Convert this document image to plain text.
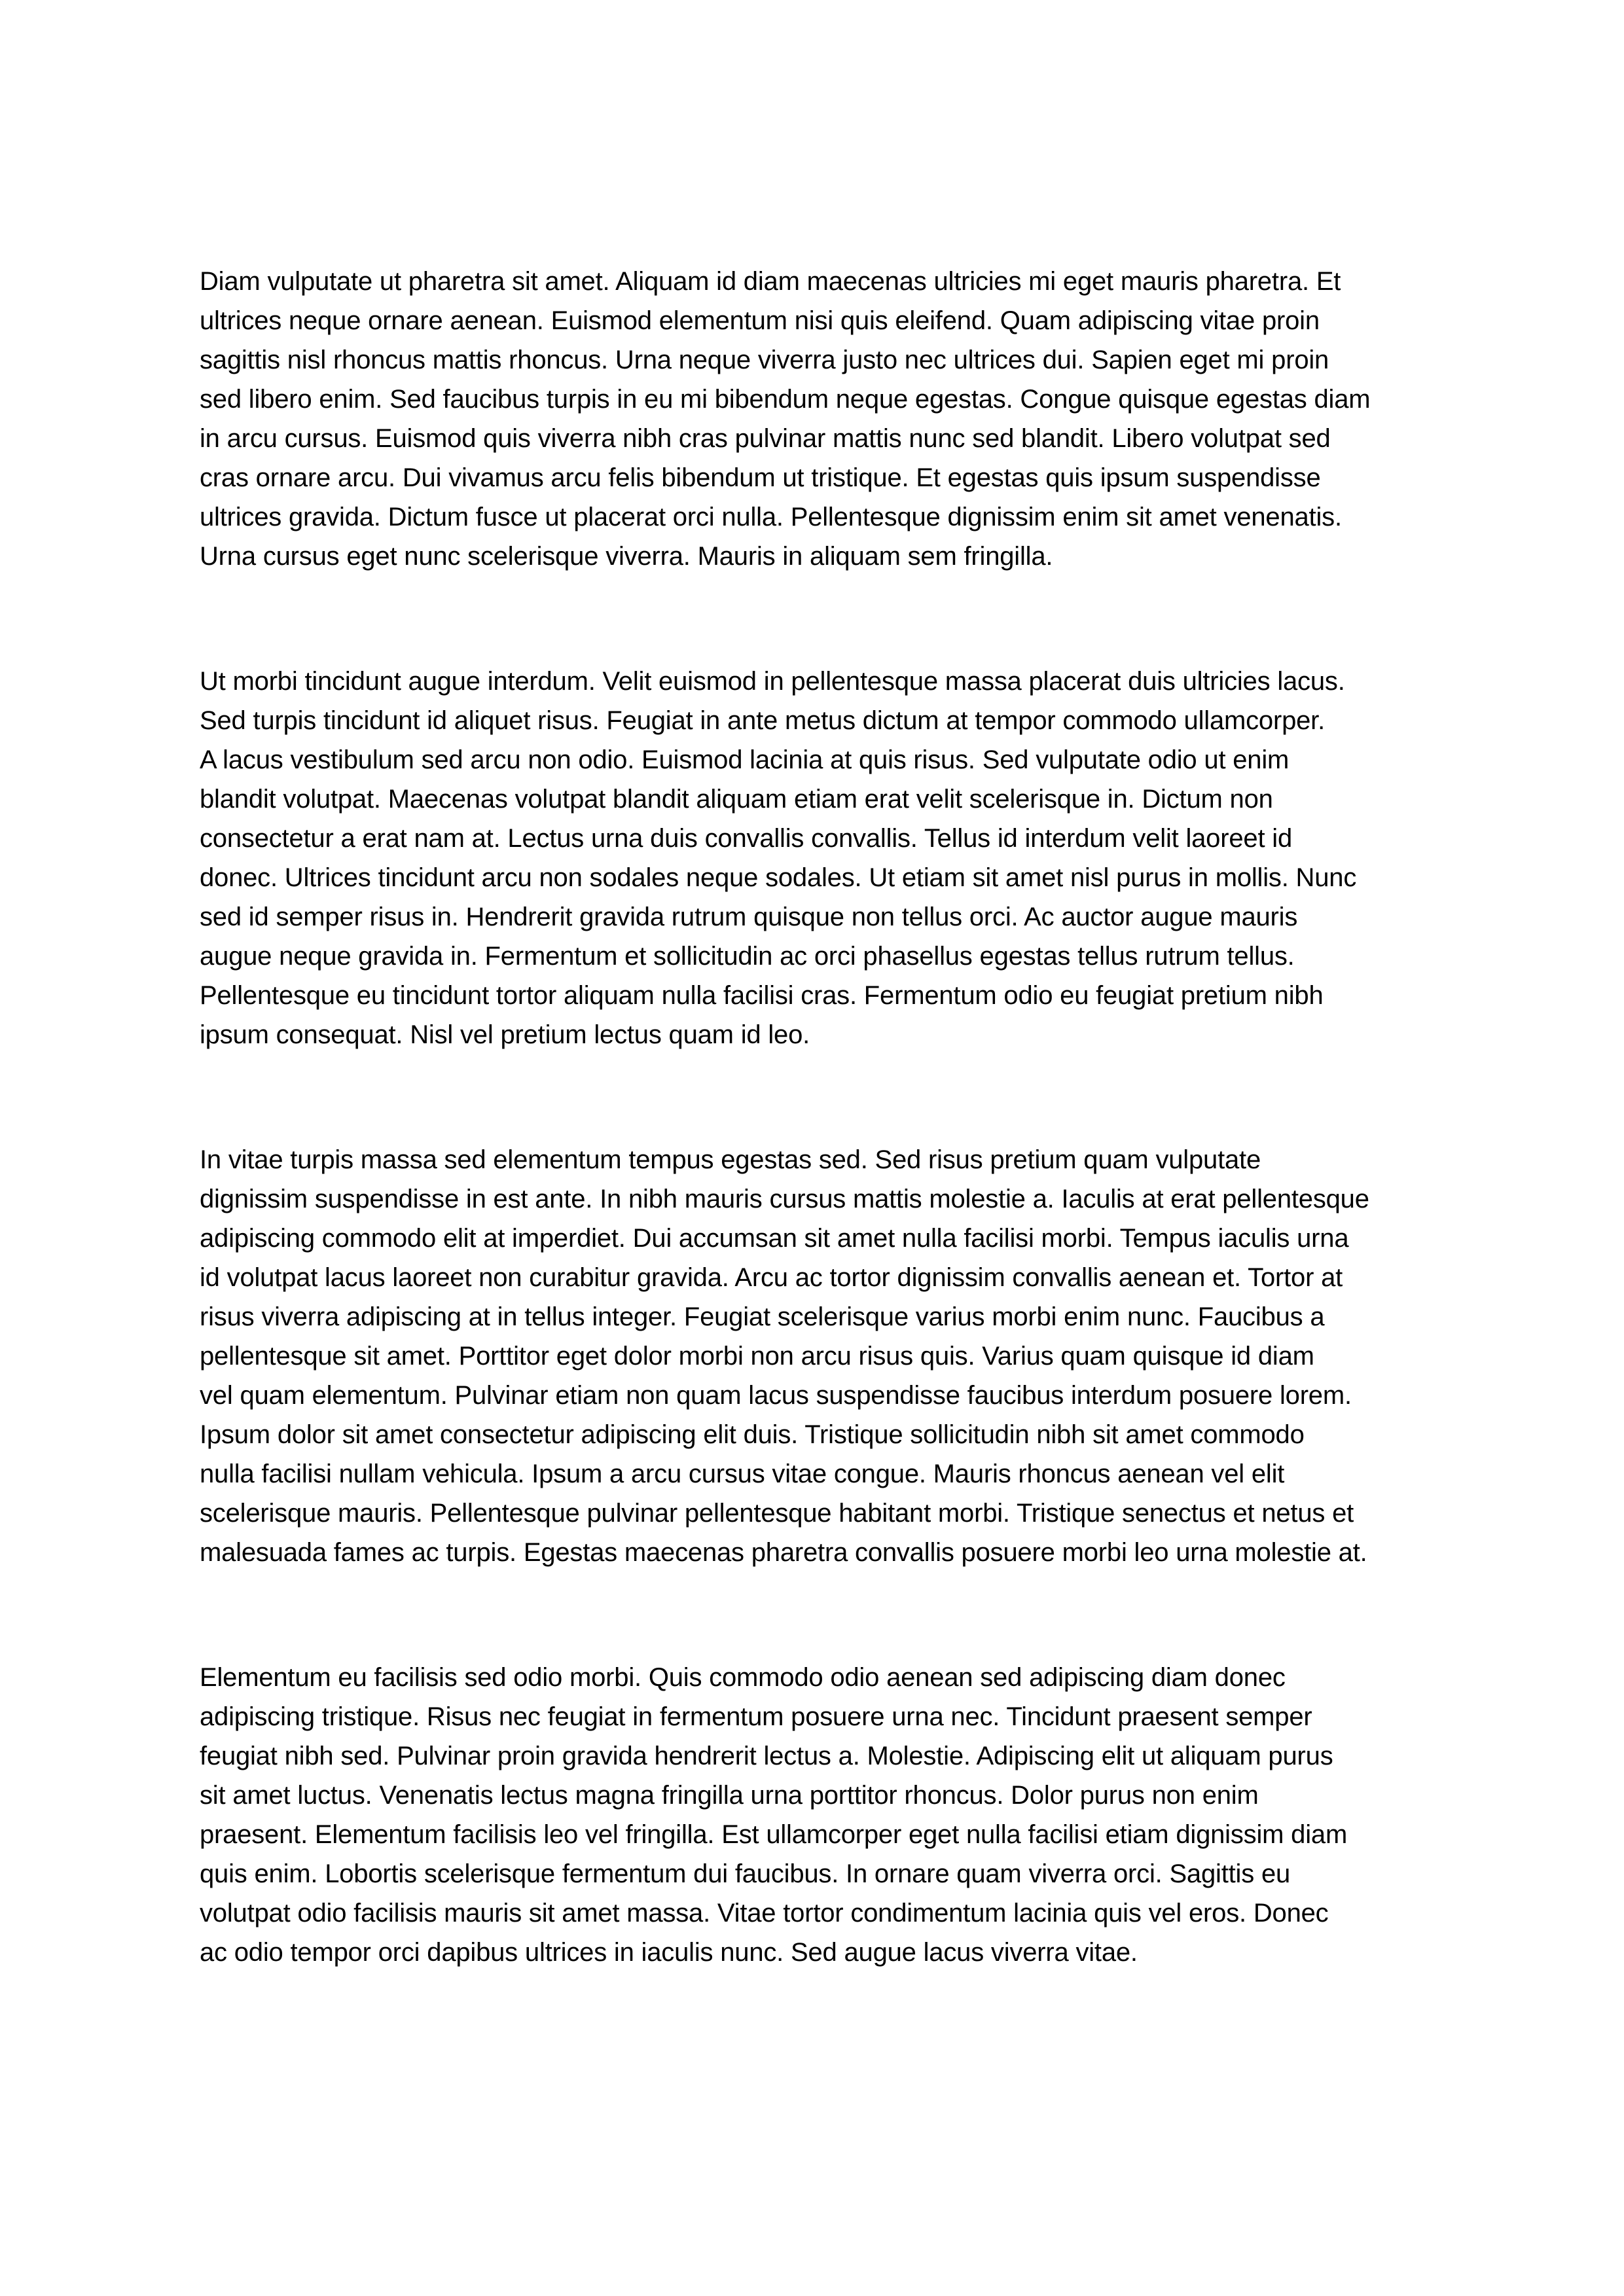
Diam vulputate ut pharetra sit amet. Aliquam id diam maecenas ultricies mi eget mauris pharetra. Et
ultrices neque ornare aenean. Euismod elementum nisi quis eleifend. Quam adipiscing vitae proin
sagittis nisl rhoncus mattis rhoncus. Urna neque viverra justo nec ultrices dui. Sapien eget mi proin
sed libero enim. Sed faucibus turpis in eu mi bibendum neque egestas. Congue quisque egestas diam
in arcu cursus. Euismod quis viverra nibh cras pulvinar mattis nunc sed blandit. Libero volutpat sed
cras ornare arcu. Dui vivamus arcu felis bibendum ut tristique. Et egestas quis ipsum suspendisse
ultrices gravida. Dictum fusce ut placerat orci nulla. Pellentesque dignissim enim sit amet venenatis.
Urna cursus eget nunc scelerisque viverra. Mauris in aliquam sem fringilla.
Ut morbi tincidunt augue interdum. Velit euismod in pellentesque massa placerat duis ultricies lacus.
Sed turpis tincidunt id aliquet risus. Feugiat in ante metus dictum at tempor commodo ullamcorper.
A lacus vestibulum sed arcu non odio. Euismod lacinia at quis risus. Sed vulputate odio ut enim
blandit volutpat. Maecenas volutpat blandit aliquam etiam erat velit scelerisque in. Dictum non
consectetur a erat nam at. Lectus urna duis convallis convallis. Tellus id interdum velit laoreet id
donec. Ultrices tincidunt arcu non sodales neque sodales. Ut etiam sit amet nisl purus in mollis. Nunc
sed id semper risus in. Hendrerit gravida rutrum quisque non tellus orci. Ac auctor augue mauris
augue neque gravida in. Fermentum et sollicitudin ac orci phasellus egestas tellus rutrum tellus.
Pellentesque eu tincidunt tortor aliquam nulla facilisi cras. Fermentum odio eu feugiat pretium nibh
ipsum consequat. Nisl vel pretium lectus quam id leo.
In vitae turpis massa sed elementum tempus egestas sed. Sed risus pretium quam vulputate
dignissim suspendisse in est ante. In nibh mauris cursus mattis molestie a. Iaculis at erat pellentesque
adipiscing commodo elit at imperdiet. Dui accumsan sit amet nulla facilisi morbi. Tempus iaculis urna
id volutpat lacus laoreet non curabitur gravida. Arcu ac tortor dignissim convallis aenean et. Tortor at
risus viverra adipiscing at in tellus integer. Feugiat scelerisque varius morbi enim nunc. Faucibus a
pellentesque sit amet. Porttitor eget dolor morbi non arcu risus quis. Varius quam quisque id diam
vel quam elementum. Pulvinar etiam non quam lacus suspendisse faucibus interdum posuere lorem.
Ipsum dolor sit amet consectetur adipiscing elit duis. Tristique sollicitudin nibh sit amet commodo
nulla facilisi nullam vehicula. Ipsum a arcu cursus vitae congue. Mauris rhoncus aenean vel elit
scelerisque mauris. Pellentesque pulvinar pellentesque habitant morbi. Tristique senectus et netus et
malesuada fames ac turpis. Egestas maecenas pharetra convallis posuere morbi leo urna molestie at.
Elementum eu facilisis sed odio morbi. Quis commodo odio aenean sed adipiscing diam donec
adipiscing tristique. Risus nec feugiat in fermentum posuere urna nec. Tincidunt praesent semper
feugiat nibh sed. Pulvinar proin gravida hendrerit lectus a. Molestie. Adipiscing elit ut aliquam purus
sit amet luctus. Venenatis lectus magna fringilla urna porttitor rhoncus. Dolor purus non enim
praesent. Elementum facilisis leo vel fringilla. Est ullamcorper eget nulla facilisi etiam dignissim diam
quis enim. Lobortis scelerisque fermentum dui faucibus. In ornare quam viverra orci. Sagittis eu
volutpat odio facilisis mauris sit amet massa. Vitae tortor condimentum lacinia quis vel eros. Donec
ac odio tempor orci dapibus ultrices in iaculis nunc. Sed augue lacus viverra vitae.
